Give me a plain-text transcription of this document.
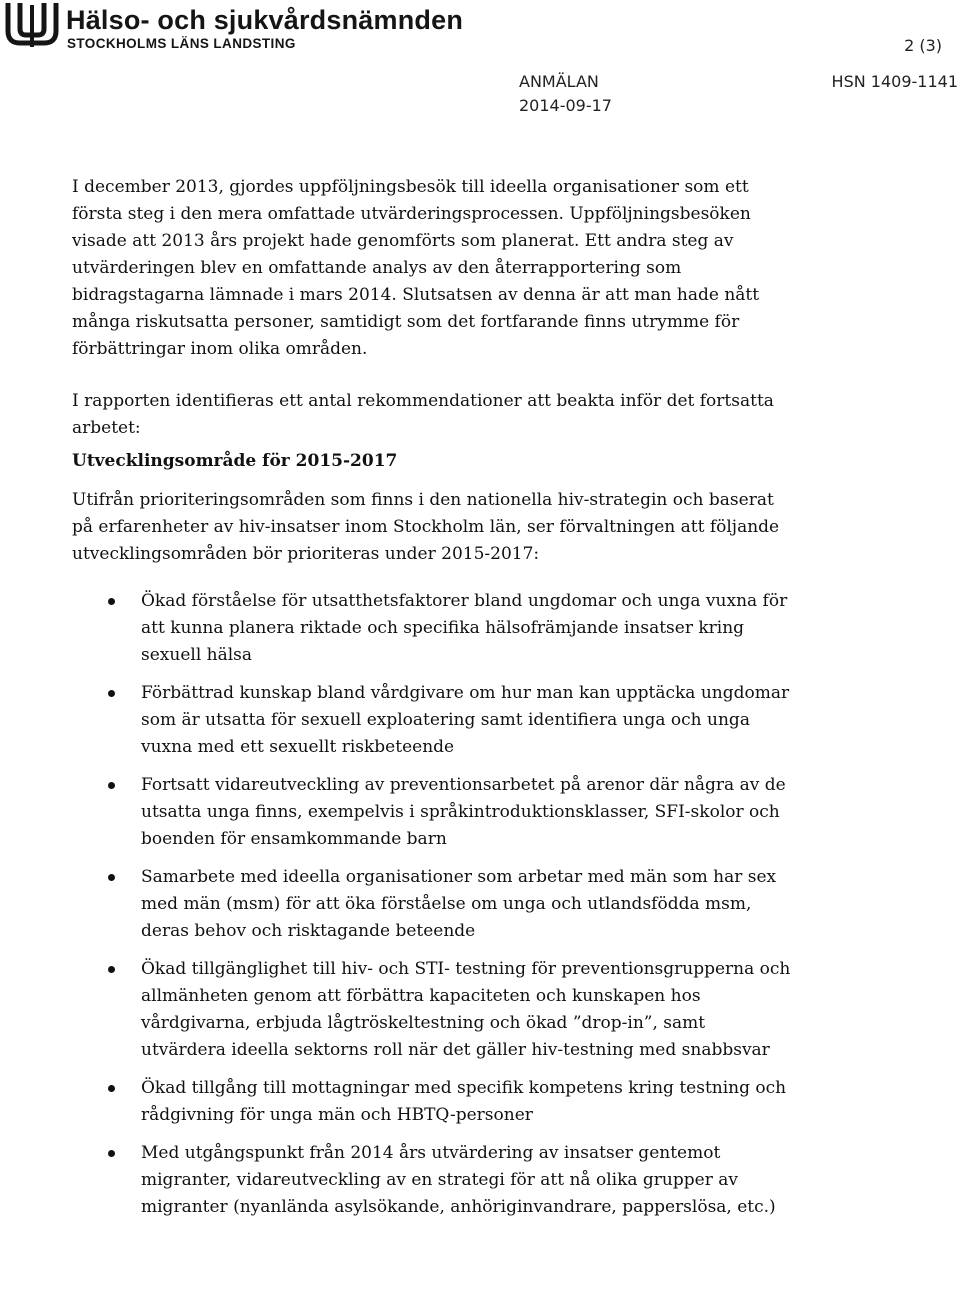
Hälso- och sjukvårdsnämnden
STOCKHOLMS LÄNS LANDSTING	2 (3)
ANMÄLAN
2014-09-17
HSN 1409-1141

I december 2013, gjordes uppföljningsbesök till ideella organisationer som ett första steg i den mera omfattade utvärderingsprocessen. Uppföljningsbesöken visade att 2013 års projekt hade genomförts som planerat. Ett andra steg av utvärderingen blev en omfattande analys av den återrapportering som bidragstagarna lämnade i mars 2014. Slutsatsen av denna är att man hade nått många riskutsatta personer, samtidigt som det fortfarande finns utrymme för förbättringar inom olika områden.

I rapporten identifieras ett antal rekommendationer att beakta inför det fortsatta arbetet:

Utvecklingsområde för 2015-2017

Utifrån prioriteringsområden som finns i den nationella hiv-strategin och baserat på erfarenheter av hiv-insatser inom Stockholm län, ser förvaltningen att följande utvecklingsområden bör prioriteras under 2015-2017:

Ökad förståelse för utsatthetsfaktorer bland ungdomar och unga vuxna för att kunna planera riktade och specifika hälsofrämjande insatser kring sexuell hälsa
Förbättrad kunskap bland vårdgivare om hur man kan upptäcka ungdomar som är utsatta för sexuell exploatering samt identifiera unga och unga vuxna med ett sexuellt riskbeteende
Fortsatt vidareutveckling av preventionsarbetet på arenor där några av de utsatta unga finns, exempelvis i språkintroduktionsklasser, SFI-skolor och boenden för ensamkommande barn
Samarbete med ideella organisationer som arbetar med män som har sex med män (msm) för att öka förståelse om unga och utlandsfödda msm, deras behov och risktagande beteende
Ökad tillgänglighet till hiv- och STI- testning för preventionsgrupperna och allmänheten genom att förbättra kapaciteten och kunskapen hos vårdgivarna, erbjuda lågtröskeltestning och ökad ”drop-in”, samt utvärdera ideella sektorns roll när det gäller hiv-testning med snabbsvar
Ökad tillgång till mottagningar med specifik kompetens kring testning och rådgivning för unga män och HBTQ-personer
Med utgångspunkt från 2014 års utvärdering av insatser gentemot migranter, vidareutveckling av en strategi för att nå olika grupper av migranter (nyanlända asylsökande, anhöriginvandrare, papperslösa, etc.)
